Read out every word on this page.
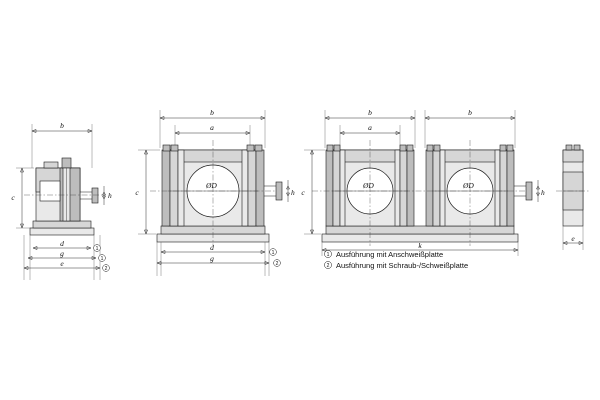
b
c	h
d
1
g
1
e
2
b
a
ØD
c	h
d
1
g
2
b	b
a
ØD	ØD
c	h
k
e
1 Ausführung mit Anschweißplatte
2 Ausführung mit Schraub-/Schweißplatte
